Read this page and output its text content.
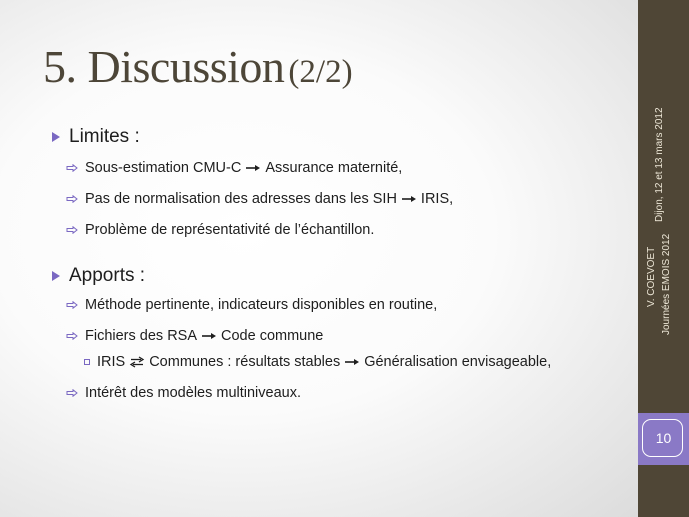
5. Discussion (2/2)
Limites :
Sous-estimation CMU-C Assurance maternité,
Pas de normalisation des adresses dans les SIH IRIS,
Problème de représentativité de l’échantillon.
Apports :
Méthode pertinente, indicateurs disponibles en routine,
Fichiers des RSA Code commune
IRIS Communes : résultats stables Généralisation envisageable,
Intérêt des modèles multiniveaux.
Dijon, 12 et 13 mars 2012
V. COEVOET Journées EMOIS 2012
10
